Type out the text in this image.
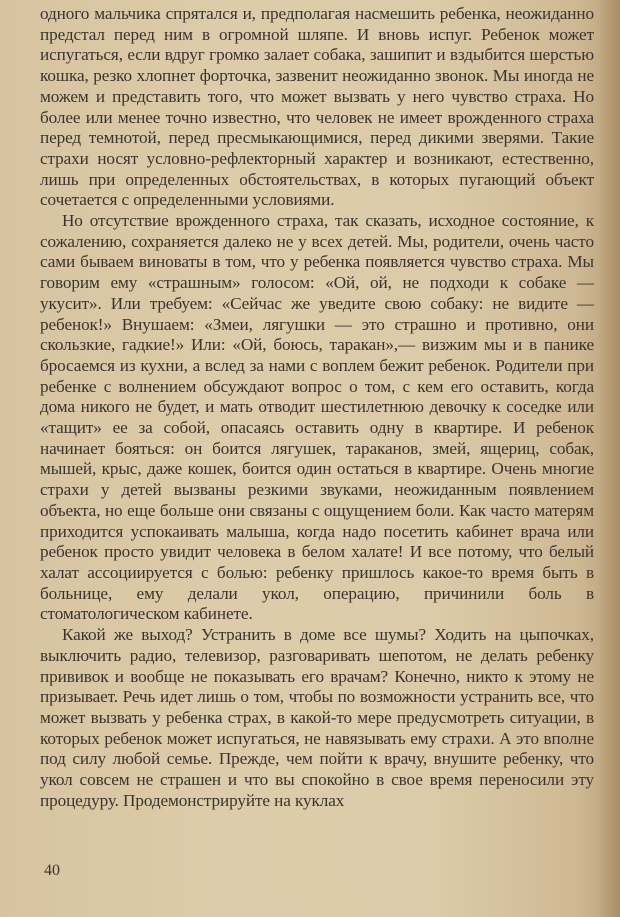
одного мальчика спрятался и, предполагая насмешить ребенка, неожиданно предстал перед ним в огромной шляпе. И вновь испуг. Ребенок может испугаться, если вдруг громко залает собака, зашипит и вздыбится шерстью кошка, резко хлопнет форточка, зазвенит неожиданно звонок. Мы иногда не можем и представить того, что может вызвать у него чувство страха. Но более или менее точно известно, что человек не имеет врожденного страха перед темнотой, перед пресмыкающимися, перед дикими зверями. Такие страхи носят условно-рефлекторный характер и возникают, естественно, лишь при определенных обстоятельствах, в которых пугающий объект сочетается с определенными условиями.

Но отсутствие врожденного страха, так сказать, исходное состояние, к сожалению, сохраняется далеко не у всех детей. Мы, родители, очень часто сами бываем виноваты в том, что у ребенка появляется чувство страха. Мы говорим ему «страшным» голосом: «Ой, ой, не подходи к собаке — укусит». Или требуем: «Сейчас же уведите свою собаку: не видите — ребенок!» Внушаем: «Змеи, лягушки — это страшно и противно, они скользкие, гадкие!» Или: «Ой, боюсь, таракан»,— визжим мы и в панике бросаемся из кухни, а вслед за нами с воплем бежит ребенок. Родители при ребенке с волнением обсуждают вопрос о том, с кем его оставить, когда дома никого не будет, и мать отводит шестилетнюю девочку к соседке или «тащит» ее за собой, опасаясь оставить одну в квартире. И ребенок начинает бояться: он боится лягушек, тараканов, змей, ящериц, собак, мышей, крыс, даже кошек, боится один остаться в квартире. Очень многие страхи у детей вызваны резкими звуками, неожиданным появлением объекта, но еще больше они связаны с ощущением боли. Как часто матерям приходится успокаивать малыша, когда надо посетить кабинет врача или ребенок просто увидит человека в белом халате! И все потому, что белый халат ассоциируется с болью: ребенку пришлось какое-то время быть в больнице, ему делали укол, операцию, причинили боль в стоматологическом кабинете.

Какой же выход? Устранить в доме все шумы? Ходить на цыпочках, выключить радио, телевизор, разговаривать шепотом, не делать ребенку прививок и вообще не показывать его врачам? Конечно, никто к этому не призывает. Речь идет лишь о том, чтобы по возможности устранить все, что может вызвать у ребенка страх, в какой-то мере предусмотреть ситуации, в которых ребенок может испугаться, не навязывать ему страхи. А это вполне под силу любой семье. Прежде, чем пойти к врачу, внушите ребенку, что укол совсем не страшен и что вы спокойно в свое время переносили эту процедуру. Продемонстрируйте на куклах

40
